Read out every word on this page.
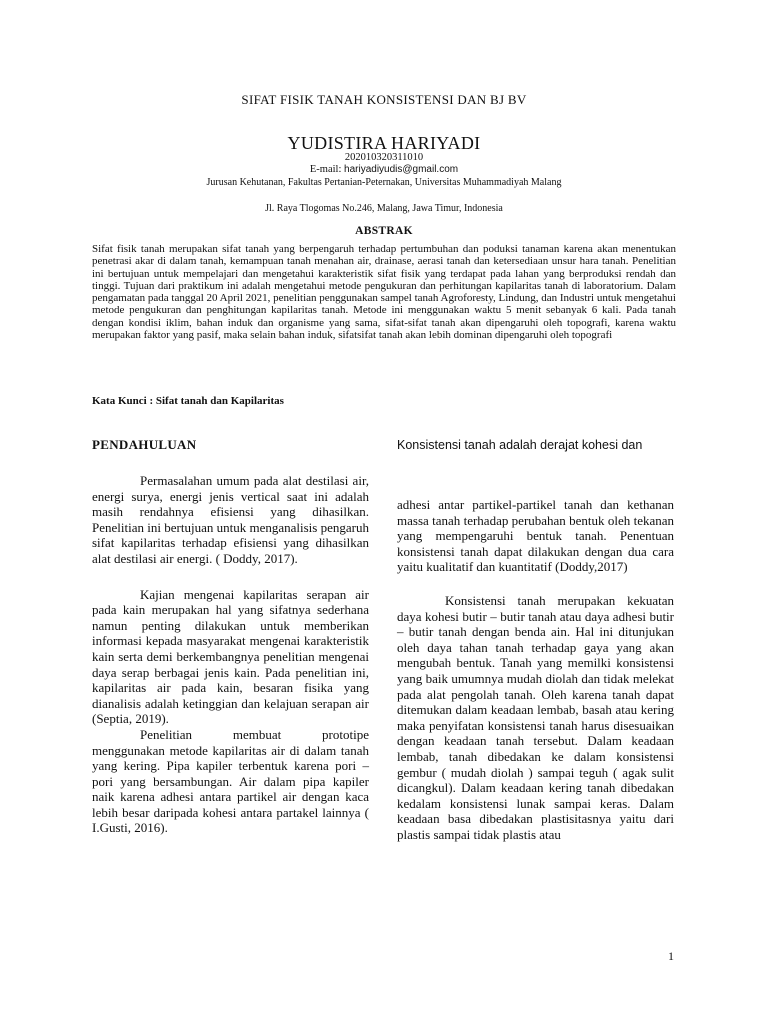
SIFAT FISIK TANAH KONSISTENSI DAN BJ BV
YUDISTIRA HARIYADI
202010320311010
E-mail: hariyadiyudis@gmail.com
Jurusan Kehutanan, Fakultas Pertanian-Peternakan, Universitas Muhammadiyah Malang
Jl. Raya Tlogomas No.246, Malang, Jawa Timur, Indonesia
ABSTRAK
Sifat fisik tanah merupakan sifat tanah yang berpengaruh terhadap pertumbuhan dan poduksi tanaman karena akan menentukan penetrasi akar di dalam tanah, kemampuan tanah menahan air, drainase, aerasi tanah dan ketersediaan unsur hara tanah. Penelitian ini bertujuan untuk mempelajari dan mengetahui karakteristik sifat fisik yang terdapat pada lahan yang berproduksi rendah dan tinggi. Tujuan dari praktikum ini adalah mengetahui metode pengukuran dan perhitungan kapilaritas tanah di laboratorium. Dalam pengamatan pada tanggal 20 April 2021, penelitian penggunakan sampel tanah Agroforesty, Lindung, dan Industri untuk mengetahui metode pengukuran dan penghitungan kapilaritas tanah. Metode ini menggunakan waktu 5 menit sebanyak 6 kali. Pada tanah dengan kondisi iklim, bahan induk dan organisme yang sama, sifat-sifat tanah akan dipengaruhi oleh topografi, karena waktu merupakan faktor yang pasif, maka selain bahan induk, sifatsifat tanah akan lebih dominan dipengaruhi oleh topografi
Kata Kunci : Sifat tanah dan Kapilaritas
PENDAHULUAN

Permasalahan umum pada alat destilasi air, energi surya, energi jenis vertical saat ini adalah masih rendahnya efisiensi yang dihasilkan. Penelitian ini bertujuan untuk menganalisis pengaruh sifat kapilaritas terhadap efisiensi yang dihasilkan alat destilasi air energi. ( Doddy, 2017).

Kajian mengenai kapilaritas serapan air pada kain merupakan hal yang sifatnya sederhana namun penting dilakukan untuk memberikan informasi kepada masyarakat mengenai karakteristik kain serta demi berkembangnya penelitian mengenai daya serap berbagai jenis kain. Pada penelitian ini, kapilaritas air pada kain, besaran fisika yang dianalisis adalah ketinggian dan kelajuan serapan air (Septia, 2019).

Penelitian membuat prototipe menggunakan metode kapilaritas air di dalam tanah yang kering. Pipa kapiler terbentuk karena pori – pori yang bersambungan. Air dalam pipa kapiler naik karena adhesi antara partikel air dengan kaca lebih besar daripada kohesi antara partakel lainnya ( I.Gusti, 2016).

Konsistensi tanah adalah derajat kohesi dan

adhesi antar partikel-partikel tanah dan kethanan massa tanah terhadap perubahan bentuk oleh tekanan yang mempengaruhi bentuk tanah. Penentuan konsistensi tanah dapat dilakukan dengan dua cara yaitu kualitatif dan kuantitatif (Doddy,2017)

Konsistensi tanah merupakan kekuatan daya kohesi butir – butir tanah atau daya adhesi butir – butir tanah dengan benda ain. Hal ini ditunjukan oleh daya tahan tanah terhadap gaya yang akan mengubah bentuk. Tanah yang memilki konsistensi yang baik umumnya mudah diolah dan tidak melekat pada alat pengolah tanah. Oleh karena tanah dapat ditemukan dalam keadaan lembab, basah atau kering maka penyifatan konsistensi tanah harus disesuaikan dengan keadaan tanah tersebut. Dalam keadaan lembab, tanah dibedakan ke dalam konsistensi gembur ( mudah diolah ) sampai teguh ( agak sulit dicangkul). Dalam keadaan kering tanah dibedakan kedalam konsistensi lunak sampai keras. Dalam keadaan basa dibedakan plastisitasnya yaitu dari plastis sampai tidak plastis atau

1
